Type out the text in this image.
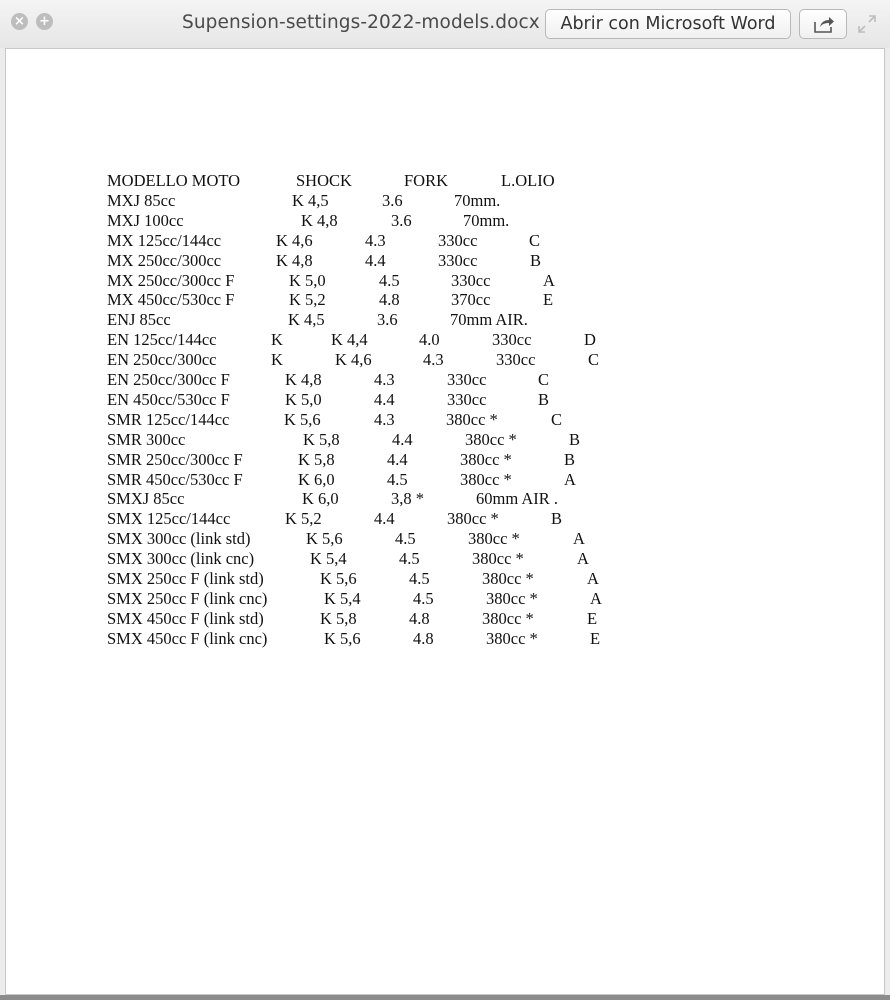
× +	Supension-settings-2022-models.docx	Abrir con Microsoft Word
MODELLO MOTO	SHOCK	FORK	L.OLIO
MXJ 85cc	K 4,5	3.6	70mm.
MXJ 100cc	K 4,8	3.6	70mm.
MX 125cc/144cc	K 4,6	4.3	330cc	C
MX 250cc/300cc	K 4,8	4.4	330cc	B
MX 250cc/300cc F	K 5,0	4.5	330cc	A
MX 450cc/530cc F	K 5,2	4.8	370cc	E
ENJ 85cc	K 4,5	3.6	70mm AIR.
EN 125cc/144cc	K	K 4,4	4.0	330cc	D
EN 250cc/300cc	K	K 4,6	4.3	330cc	C
EN 250cc/300cc F	K 4,8	4.3	330cc	C
EN 450cc/530cc F	K 5,0	4.4	330cc	B
SMR 125cc/144cc	K 5,6	4.3	380cc *	C
SMR 300cc	K 5,8	4.4	380cc *	B
SMR 250cc/300cc F	K 5,8	4.4	380cc *	B
SMR 450cc/530cc F	K 6,0	4.5	380cc *	A
SMXJ 85cc	K 6,0	3,8 *	60mm AIR .
SMX 125cc/144cc	K 5,2	4.4	380cc *	B
SMX 300cc (link std)	K 5,6	4.5	380cc *	A
SMX 300cc (link cnc)	K 5,4	4.5	380cc *	A
SMX 250cc F (link std)	K 5,6	4.5	380cc *	A
SMX 250cc F (link cnc)	K 5,4	4.5	380cc *	A
SMX 450cc F (link std)	K 5,8	4.8	380cc *	E
SMX 450cc F (link cnc)	K 5,6	4.8	380cc *	E
